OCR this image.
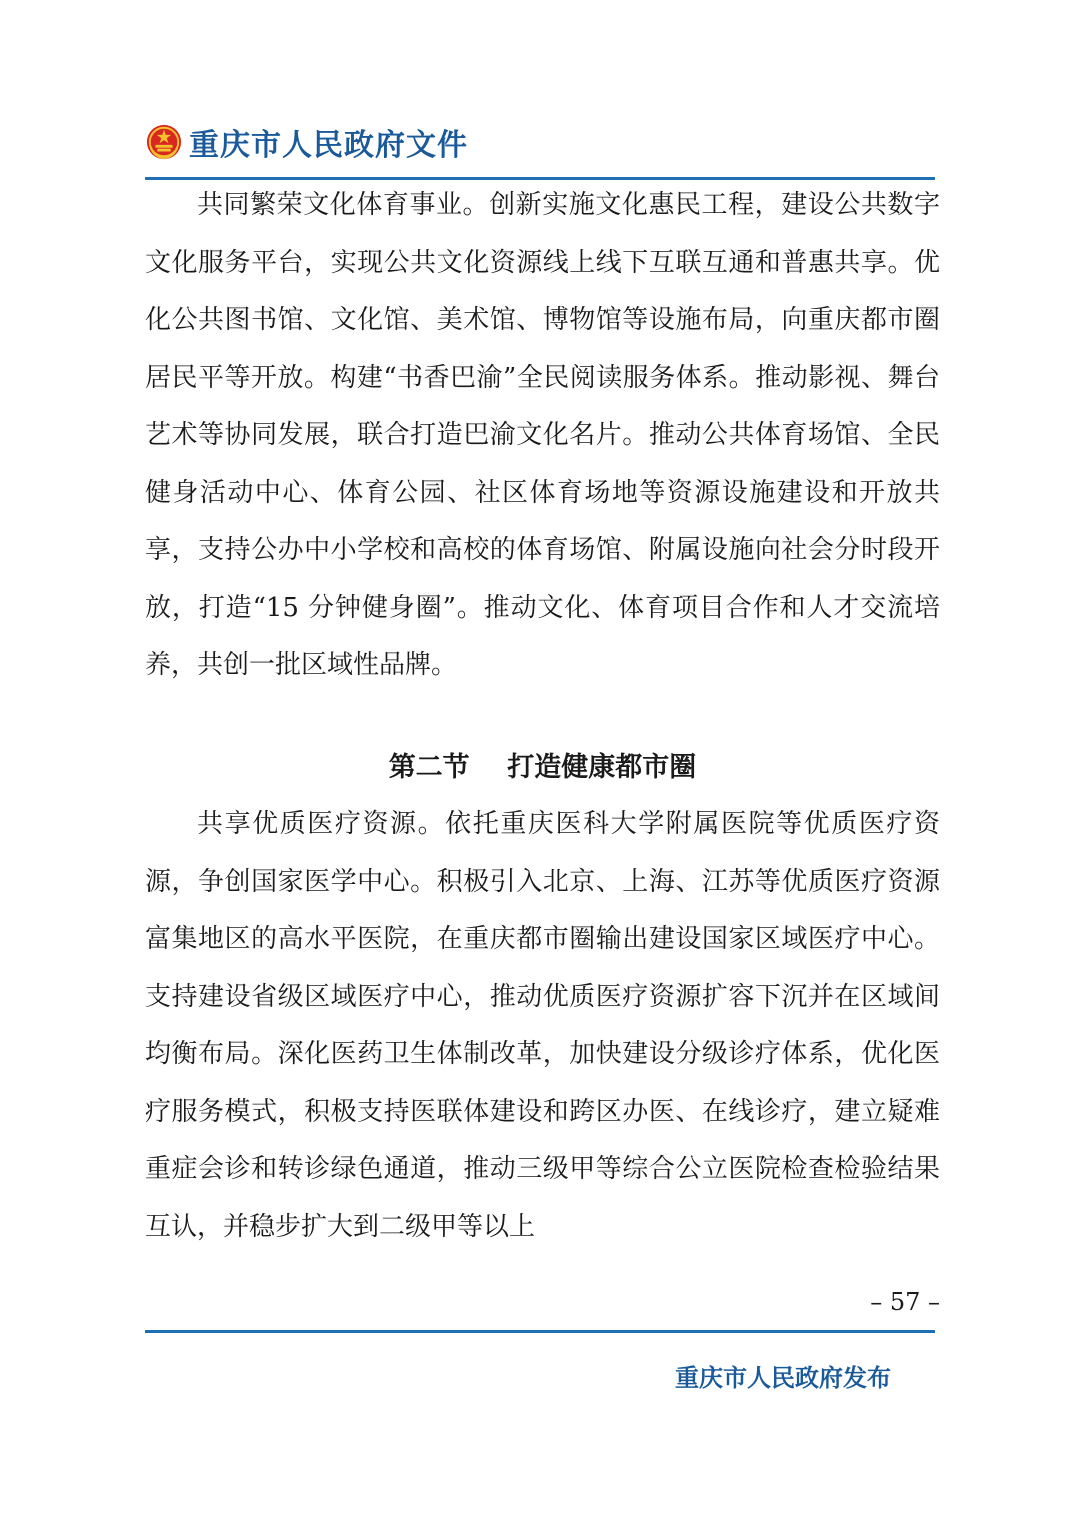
重庆市人民政府文件

共同繁荣文化体育事业。创新实施文化惠民工程，建设公共数字文化服务平台，实现公共文化资源线上线下互联互通和普惠共享。优化公共图书馆、文化馆、美术馆、博物馆等设施布局，向重庆都市圈居民平等开放。构建“书香巴渝”全民阅读服务体系。推动影视、舞台艺术等协同发展，联合打造巴渝文化名片。推动公共体育场馆、全民健身活动中心、体育公园、社区体育场地等资源设施建设和开放共享，支持公办中小学校和高校的体育场馆、附属设施向社会分时段开放，打造“15 分钟健身圈”。推动文化、体育项目合作和人才交流培养，共创一批区域性品牌。

第二节    打造健康都市圈

共享优质医疗资源。依托重庆医科大学附属医院等优质医疗资源，争创国家医学中心。积极引入北京、上海、江苏等优质医疗资源富集地区的高水平医院，在重庆都市圈输出建设国家区域医疗中心。支持建设省级区域医疗中心，推动优质医疗资源扩容下沉并在区域间均衡布局。深化医药卫生体制改革，加快建设分级诊疗体系，优化医疗服务模式，积极支持医联体建设和跨区办医、在线诊疗，建立疑难重症会诊和转诊绿色通道，推动三级甲等综合公立医院检查检验结果互认，并稳步扩大到二级甲等以上

– 57 –
重庆市人民政府发布
